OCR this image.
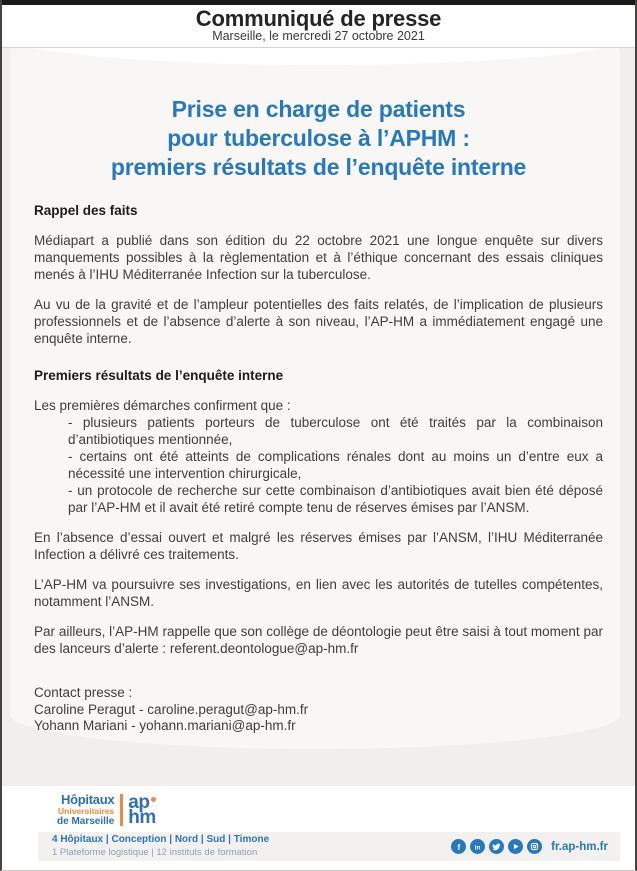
Communiqué de presse
Marseille, le mercredi 27 octobre 2021
Prise en charge de patients
pour tuberculose à l’APHM :
premiers résultats de l’enquête interne
Rappel des faits
Médiapart a publié dans son édition du 22 octobre 2021 une longue enquête sur divers manquements possibles à la règlementation et à l’éthique concernant des essais cliniques menés à l’IHU Méditerranée Infection sur la tuberculose.
Au vu de la gravité et de l’ampleur potentielles des faits relatés, de l’implication de plusieurs professionnels et de l’absence d’alerte à son niveau, l’AP-HM a immédiatement engagé une enquête interne.
Premiers résultats de l’enquête interne
Les premières démarches confirment que :
- plusieurs patients porteurs de tuberculose ont été traités par la combinaison d’antibiotiques mentionnée,
- certains ont été atteints de complications rénales dont au moins un d’entre eux a nécessité une intervention chirurgicale,
- un protocole de recherche sur cette combinaison d’antibiotiques avait bien été déposé par l’AP-HM et il avait été retiré compte tenu de réserves émises par l’ANSM.
En l’absence d’essai ouvert et malgré les réserves émises par l’ANSM, l’IHU Méditerranée Infection a délivré ces traitements.
L’AP-HM va poursuivre ses investigations, en lien avec les autorités de tutelles compétentes, notamment l’ANSM.
Par ailleurs, l’AP-HM rappelle que son collège de déontologie peut être saisi à tout moment par des lanceurs d’alerte : referent.deontologue@ap-hm.fr
Contact presse :
Caroline Peragut - caroline.peragut@ap-hm.fr
Yohann Mariani - yohann.mariani@ap-hm.fr
Hôpitaux
Universitaires
de Marseille
ap
hm
4 Hôpitaux | Conception | Nord | Sud | Timone
1 Plateforme logistique | 12 instituts de formation	f in	fr.ap-hm.fr
